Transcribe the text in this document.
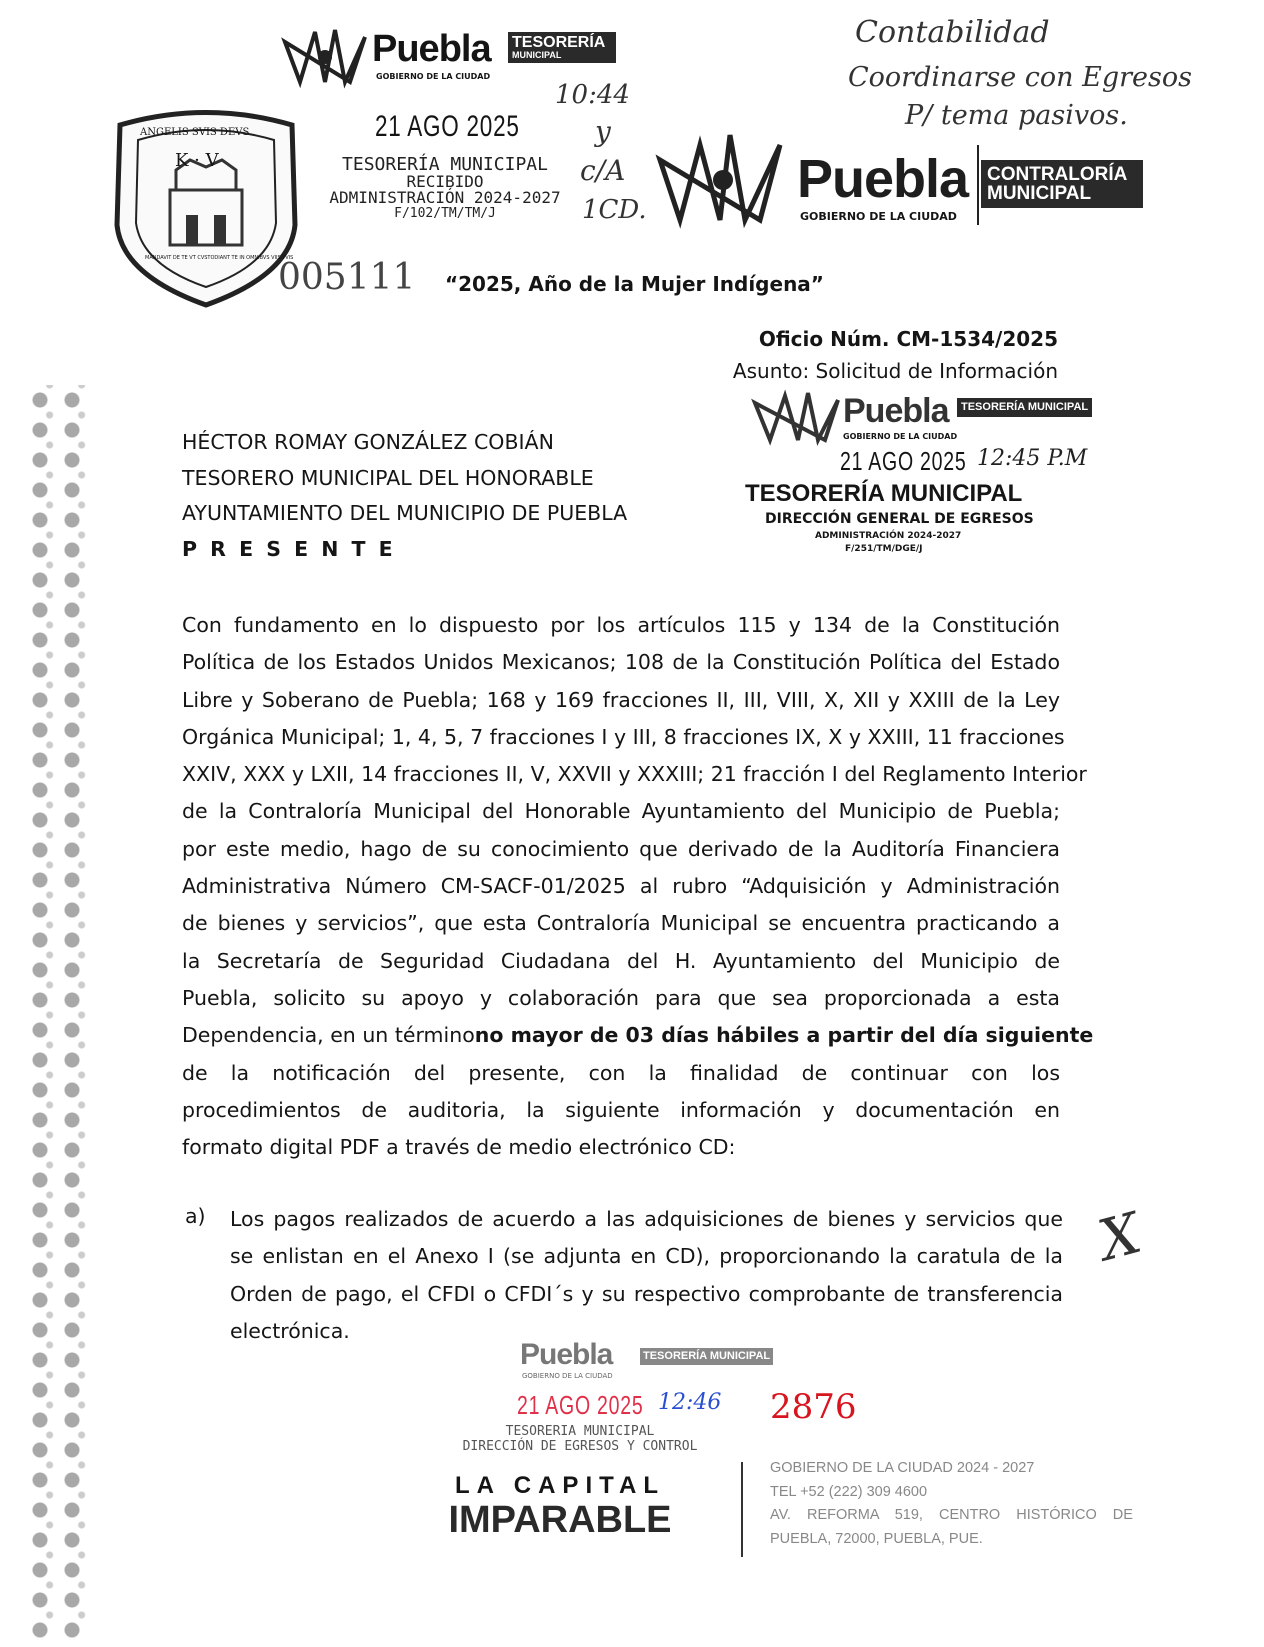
Puebla
GOBIERNO DE LA CIUDAD
TESORERÍA
MUNICIPAL
ANGELIS SVIS DEVS
K · V
MANDAVIT DE TE VT CVSTODIANT TE IN OMNIBVS VIIS TVIS
21 AGO 2025
TESORERÍA MUNICIPAL
RECIBIDO
ADMINISTRACIÓN 2024-2027
F/102/TM/TM/J
10:44
y
c/A
1CD.
Puebla
GOBIERNO DE LA CIUDAD
CONTRALORÍA
MUNICIPAL
Contabilidad
Coordinarse con Egresos
P/ tema pasivos.
005111 “2025, Año de la Mujer Indígena”
Oficio Núm. CM-1534/2025
Asunto: Solicitud de Información
Puebla
GOBIERNO DE LA CIUDAD
TESORERÍA MUNICIPAL
21 AGO 2025 12:45 P.M
TESORERÍA MUNICIPAL
DIRECCIÓN GENERAL DE EGRESOS
ADMINISTRACIÓN 2024-2027
F/251/TM/DGE/J
HÉCTOR ROMAY GONZÁLEZ COBIÁN
TESORERO MUNICIPAL DEL HONORABLE
AYUNTAMIENTO DEL MUNICIPIO DE PUEBLA
P R E S E N T E
Con fundamento en lo dispuesto por los artículos 115 y 134 de la Constitución
Política de los Estados Unidos Mexicanos; 108 de la Constitución Política del Estado
Libre y Soberano de Puebla; 168 y 169 fracciones II, III, VIII, X, XII y XXIII de la Ley
Orgánica Municipal; 1, 4, 5, 7 fracciones I y III, 8 fracciones IX, X y XXIII, 11 fracciones
XXIV, XXX y LXII, 14 fracciones II, V, XXVII y XXXIII; 21 fracción I del Reglamento Interior
de la Contraloría Municipal del Honorable Ayuntamiento del Municipio de Puebla;
por este medio, hago de su conocimiento que derivado de la Auditoría Financiera
Administrativa Número CM-SACF-01/2025 al rubro “Adquisición y Administración
de bienes y servicios”, que esta Contraloría Municipal se encuentra practicando a
la Secretaría de Seguridad Ciudadana del H. Ayuntamiento del Municipio de
Puebla, solicito su apoyo y colaboración para que sea proporcionada a esta
Dependencia, en un término no mayor de 03 días hábiles a partir del día siguiente
de la notificación del presente, con la finalidad de continuar con los
procedimientos de auditoria, la siguiente información y documentación en
formato digital PDF a través de medio electrónico CD:
a) Los pagos realizados de acuerdo a las adquisiciones de bienes y servicios que
se enlistan en el Anexo I (se adjunta en CD), proporcionando la caratula de la
Orden de pago, el CFDI o CFDI´s y su respectivo comprobante de transferencia
electrónica.
X
Puebla
GOBIERNO DE LA CIUDAD
TESORERÍA MUNICIPAL
21 AGO 2025 12:46 2876
TESORERIA MUNICIPAL
DIRECCIÓN DE EGRESOS Y CONTROL
LA CAPITAL
IMPARABLE
GOBIERNO DE LA CIUDAD 2024 - 2027
TEL +52 (222) 309 4600
AV. REFORMA 519, CENTRO HISTÓRICO DE
PUEBLA, 72000, PUEBLA, PUE.
